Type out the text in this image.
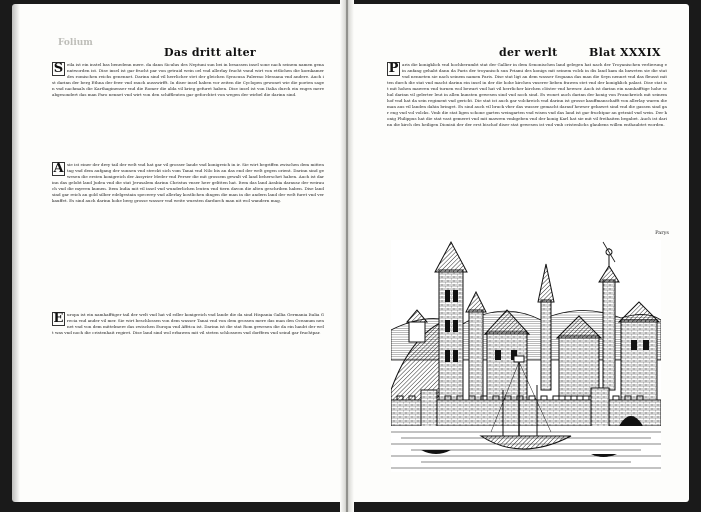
Folium
Das dritt alter
S eila ist ein instel bas benedenn mere. da dann Siculus des Neptuni sun bei in besassen insel sone nach seinem namen genanntworden ist. Dise insel ist gar frucht par von getraid wein oel vnd allerlay frucht vnnd wirt von ettlichen die kornkamer des romischen reichs genennet. Darinn sind vil herrlicher stet der gleichen Syracusa Palermo Messana vnd andere. Auch ist darinn der berg Ethna der fewr vnd rauch ausswirfft. In diser insel haben vor zeiten die Cyclopen gewonet wie die poeten sagen vnd nachmals die Karthaginenser vnd die Romer die alda vil krieg gefuret haben. Dise insel ist von Italia durch ein enges mere abgesondert das man Faro nennet vnd wirt von den schiffleuten gar geforchtet von wegen der wirbel die darinn sind.
A sie ist einer der drey tail der welt vnd hat gar vil grosser lande vnd konigreich in ir. Sie wirt begriffen zwischen dem mittentag vnd dem aufgang der sunnen vnd streckt sich vom Tanai vnd Nilo bis an das end der welt gegen orient. Darinn sind gewesen die ersten konigreich der Assyrier Meder vnd Perser die mit grossem gewalt vil land beherschet haben. Auch ist darinn das gelobt land Judea vnd die stat Jerusalem darinn Christus vnser herr gelitten hat. Item das land Arabia darausz der weirauch vnd die myrren kumen. Item India mit vil insel vnd wunderlichen leuten vnd tiern davon die alten geschriben haben. Dise land sind gar reich an gold silber edelgestain specerey vnd allerlay kostlichen dingen die man in die andern land der welt furet vnd verkauffet. Es sind auch darinn hohe berg grosse wasser vnd weite wuesten dardurch man nit wol wandern mag.
E uropa ist ein namhafftiger tail der welt vnd hat vil edler konigreich vnd lande die da sind Hispania Gallia Germania Italia Grecia vnd ander vil mer. Sie wirt beschlossen von dem wasser Tanai vnd von dem grossen mere das man den Oceanum nennet vnd von dem mittelmere das zwischen Europa vnd Affrica ist. Darinn ist die stat Rom gewesen die da ein haubt der welt was vnd noch die cristenhait regiret. Dise land sind wol erbawen mit vil steten schlossern vnd dorffern vnd seind gar fruchtpar.
der werlt	Blat XXXIX
P aris die konigklich vnd hochberumbt stat der Gallier in dem Senonischen land gelegen hat nach der Troyanischen verlierung ein anfang gehabt dann da Paris der troyanisch sun Priami des konigs mit seinem volck in dis land kam da baweten sie die stat vnd nenneten sie nach seinem namen Paris. Dise stat ligt an dem wasser Sequana das man die Seyn nennet vnd das fleusst mitten durch die stat vnd macht darinn ein insel in der die hohe kirchen vnserer lieben frawen stet vnd der konigklich palast. Dise stat ist mit hohen mawren vnd turnen wol bewart vnd hat vil herrlicher kirchen clöster vnd hewser. Auch ist darinn ein namhafftige hohe schul darinn vil gelerter leut in allen kunsten gewesen sind vnd noch sind. Es wonet auch darinn der konig von Franckreich mit seinem hof vnd hat da sein regiment vnd gericht. Die stat ist auch gar volckreich vnd darinn ist grosse kauffmanschafft von allerlay waren die man aus vil landen dahin bringet. Es sind auch vil bruck vber das wasser gemacht darauf hewser gebawet sind vnd die gassen sind gar eng vnd vol volcks. Vmb die stat ligen schone garten weingarten vnd wisen vnd das land ist gar fruchtpar an getraid vnd wein. Der konig Philippus hat die stat vast gemeret vnd mit mawren vmbgeben vnd der konig Karl hat sie mit vil freihaiten begabet. Auch ist darinn die kirch des heiligen Dionisii der der erst bischof diser stat gewesen ist vnd vmb cristenlichs glaubens willen enthaubtet worden.
Parys
